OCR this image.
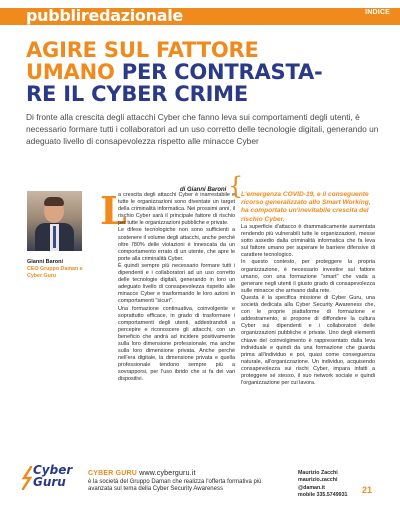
pubbliredazionale	INDICE
AGIRE SUL FATTORE
UMANO PER CONTRASTA-
RE IL CYBER CRIME
Di fronte alla crescita degli attacchi Cyber che fanno leva sui comportamenti degli utenti, è necessario formare tutti i collaboratori ad un uso corretto delle tecnologie digitali, generando un adeguato livello di consapevolezza rispetto alle minacce Cyber
di Gianni Baroni {
Gianni Baroni
CEO Gruppo Daman e Cyber Guru
L

a crescita degli attacchi Cyber è inarrestabile e tutte le organizzazioni sono diventate un target della criminalità informatica. Nei prossimi anni, il rischio Cyber sarà il principale fattore di rischio per tutte le organizzazioni pubbliche e private.

Le difese tecnologiche non sono sufficienti a sostenere il volume degli attacchi, anche perché oltre l'80% delle violazioni è innescata da un comportamento errato di un utente, che apre le porte alla criminalità Cyber.

È quindi sempre più necessario formare tutti i dipendenti e i collaboratori ad un uso corretto delle tecnologie digitali, generando in loro un adeguato livello di consapevolezza rispetto alle minacce Cyber e trasformando le loro azioni in comportamenti "sicuri".

Una formazione continuativa, coinvolgente e soprattutto efficace, in grado di trasformare i comportamenti degli utenti, addestrandoli a percepire e riconoscere gli attacchi, con un beneficio che andrà ad incidere positivamente sulla loro dimensione professionale, ma anche sulla loro dimensione privata. Anche perché nell'era digitale, la dimensione privata e quella professionale tendono sempre più a sovrapporsi, per l'uso ibrido che si fa dei vari dispositivi.

L'emergenza COVID-19, e il conseguente ricorso generalizzato allo Smart Working, ha comportato un'inevitabile crescita del rischio Cyber.

La superficie d'attacco è drammaticamente aumentata rendendo più vulnerabili tutte le organizzazioni, messe sotto assedio dalla criminalità informatica che fa leva sul fattore umano per superare le barriere difensive di carattere tecnologico.

In questo contesto, per proteggere la propria organizzazione, è necessario investire sul fattore umano, con una formazione "smart" che vada a generare negli utenti il giusto grado di consapevolezza sulle minacce che arrivano dalla rete.

Questa è la specifica missione di Cyber Guru, una società dedicata alla Cyber Security Awareness che, con le proprie piattaforme di formazione e addestramento, si propone di diffondere la cultura Cyber sui dipendenti e i collaboratori delle organizzazioni pubbliche e private. Uno degli elementi chiave del coinvolgimento è rappresentato dalla leva individuale e quindi da una formazione che guarda prima all'individuo e poi, quasi come conseguenza naturale, all'organizzazione. Un individuo, acquisendo consapevolezza sui rischi Cyber, impara infatti a proteggere sé stesso, il suo network sociale e quindi l'organizzazione per cui lavora.

Cyber
Guru
CYBER GURU www.cyberguru.it
è la società del Gruppo Daman che realizza l'offerta formativa più avanzata sul tema della Cyber Security Awareness
Maurizio Zacchi
maurizio.zacchi @daman.it
mobile 335.5749931
21
